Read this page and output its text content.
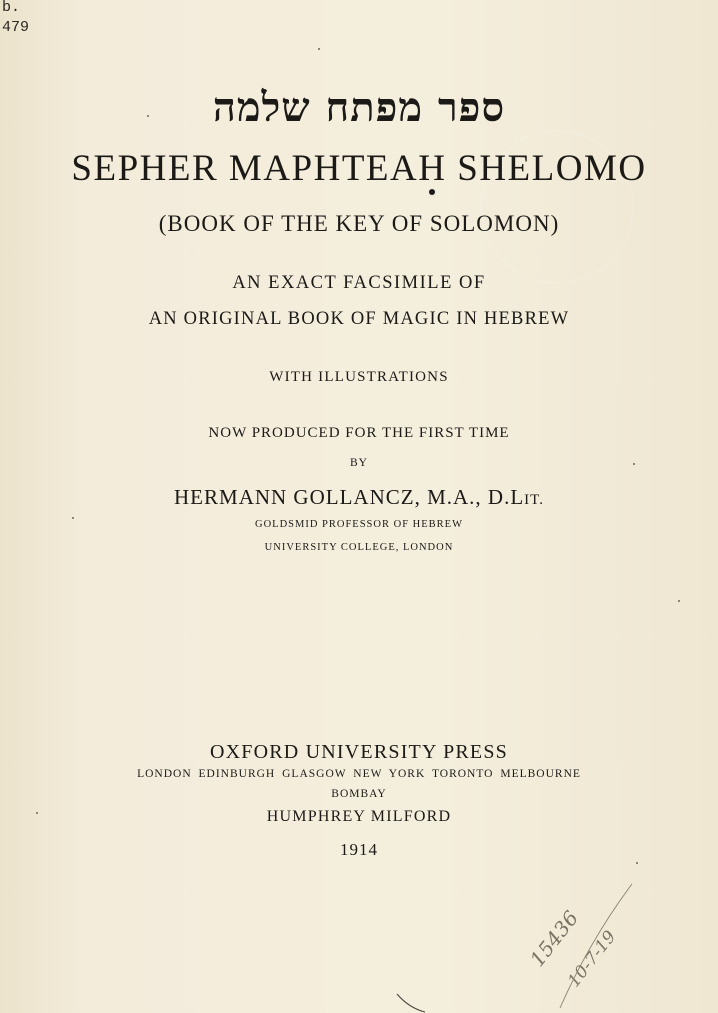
b.
479
ספר מפתח שלמה
SEPHER MAPHTEAH SHELOMO
(BOOK OF THE KEY OF SOLOMON)
AN EXACT FACSIMILE OF
AN ORIGINAL BOOK OF MAGIC IN HEBREW
WITH ILLUSTRATIONS
NOW PRODUCED FOR THE FIRST TIME
BY
HERMANN GOLLANCZ, M.A., D.LIT.
GOLDSMID PROFESSOR OF HEBREW
UNIVERSITY COLLEGE, LONDON
OXFORD UNIVERSITY PRESS
LONDON EDINBURGH GLASGOW NEW YORK TORONTO MELBOURNE
BOMBAY
HUMPHREY MILFORD
1914
15436
10-7-19
